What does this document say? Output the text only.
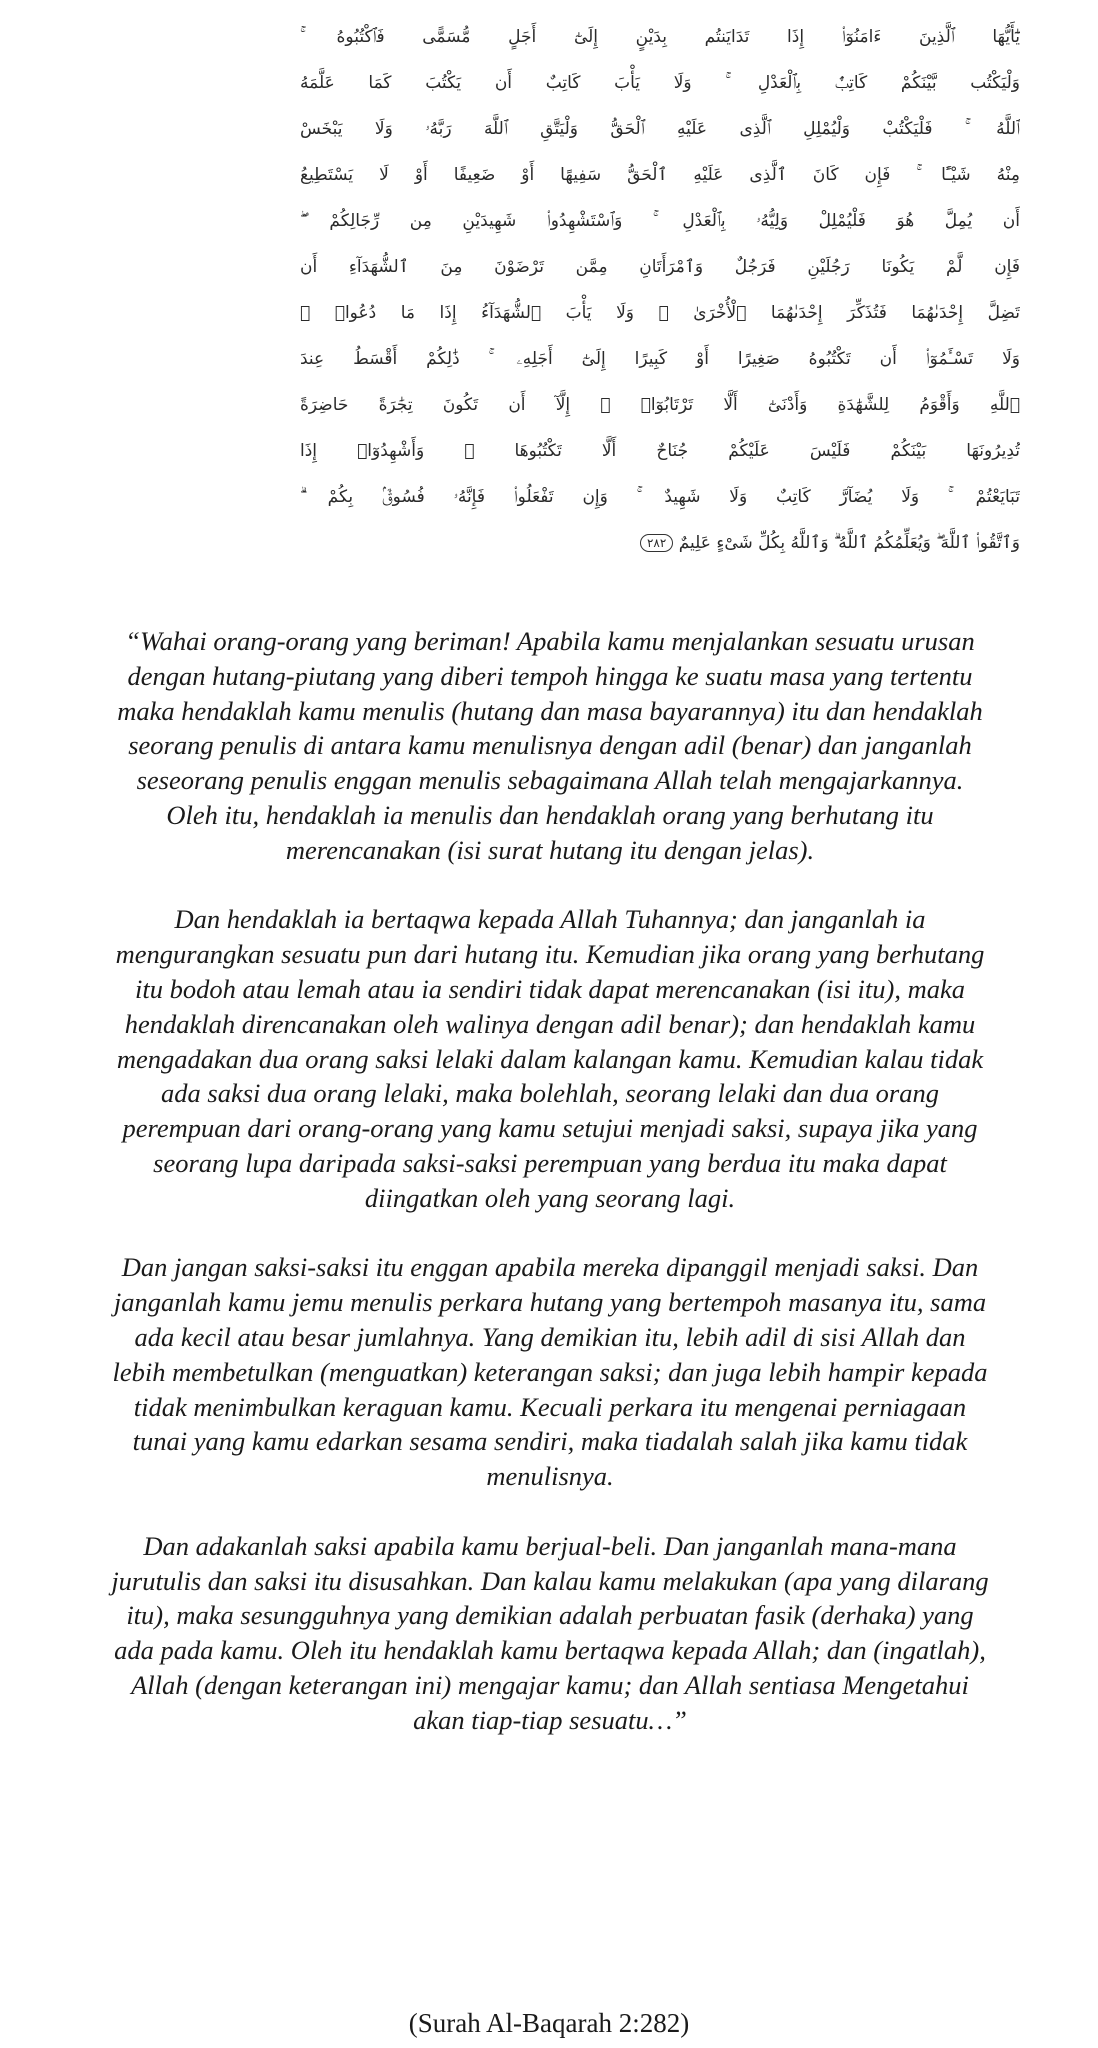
يَٰٓأَيُّهَا ٱلَّذِينَ ءَامَنُوٓا۟ إِذَا تَدَايَنتُم بِدَيْنٍ إِلَىٰٓ أَجَلٍ مُّسَمًّى فَٱكْتُبُوهُ ۚ
وَلْيَكْتُب بَّيْنَكُمْ كَاتِبٌۢ بِٱلْعَدْلِ ۚ وَلَا يَأْبَ كَاتِبٌ أَن يَكْتُبَ كَمَا عَلَّمَهُ
ٱللَّهُ ۚ فَلْيَكْتُبْ وَلْيُمْلِلِ ٱلَّذِى عَلَيْهِ ٱلْحَقُّ وَلْيَتَّقِ ٱللَّهَ رَبَّهُۥ وَلَا يَبْخَسْ
مِنْهُ شَيْـًٔا ۚ فَإِن كَانَ ٱلَّذِى عَلَيْهِ ٱلْحَقُّ سَفِيهًا أَوْ ضَعِيفًا أَوْ لَا يَسْتَطِيعُ
أَن يُمِلَّ هُوَ فَلْيُمْلِلْ وَلِيُّهُۥ بِٱلْعَدْلِ ۚ وَٱسْتَشْهِدُوا۟ شَهِيدَيْنِ مِن رِّجَالِكُمْ ۖ
فَإِن لَّمْ يَكُونَا رَجُلَيْنِ فَرَجُلٌ وَٱمْرَأَتَانِ مِمَّن تَرْضَوْنَ مِنَ ٱلشُّهَدَآءِ أَن
تَضِلَّ إِحْدَىٰهُمَا فَتُذَكِّرَ إِحْدَىٰهُمَا ٱلْأُخْرَىٰ ۚ وَلَا يَأْبَ ٱلشُّهَدَآءُ إِذَا مَا دُعُوا۟ ۚ
وَلَا تَسْـَٔمُوٓا۟ أَن تَكْتُبُوهُ صَغِيرًا أَوْ كَبِيرًا إِلَىٰٓ أَجَلِهِۦ ۚ ذَٰلِكُمْ أَقْسَطُ عِندَ
ٱللَّهِ وَأَقْوَمُ لِلشَّهَٰدَةِ وَأَدْنَىٰٓ أَلَّا تَرْتَابُوٓا۟ ۖ إِلَّآ أَن تَكُونَ تِجَٰرَةً حَاضِرَةً
تُدِيرُونَهَا بَيْنَكُمْ فَلَيْسَ عَلَيْكُمْ جُنَاحٌ أَلَّا تَكْتُبُوهَا ۗ وَأَشْهِدُوٓا۟ إِذَا
تَبَايَعْتُمْ ۚ وَلَا يُضَآرَّ كَاتِبٌ وَلَا شَهِيدٌ ۚ وَإِن تَفْعَلُوا۟ فَإِنَّهُۥ فُسُوقٌۢ بِكُمْ ۗ
وَٱتَّقُوا۟ ٱللَّهَ ۖ وَيُعَلِّمُكُمُ ٱللَّهُ ۗ وَٱللَّهُ بِكُلِّ شَىْءٍ عَلِيمٌ ٢٨٢

“Wahai orang-orang yang beriman! Apabila kamu menjalankan sesuatu urusan dengan hutang-piutang yang diberi tempoh hingga ke suatu masa yang tertentu maka hendaklah kamu menulis (hutang dan masa bayarannya) itu dan hendaklah seorang penulis di antara kamu menulisnya dengan adil (benar) dan janganlah seseorang penulis enggan menulis sebagaimana Allah telah mengajarkannya. Oleh itu, hendaklah ia menulis dan hendaklah orang yang berhutang itu merencanakan (isi surat hutang itu dengan jelas).

Dan hendaklah ia bertaqwa kepada Allah Tuhannya; dan janganlah ia mengurangkan sesuatu pun dari hutang itu. Kemudian jika orang yang berhutang itu bodoh atau lemah atau ia sendiri tidak dapat merencanakan (isi itu), maka hendaklah direncanakan oleh walinya dengan adil benar); dan hendaklah kamu mengadakan dua orang saksi lelaki dalam kalangan kamu. Kemudian kalau tidak ada saksi dua orang lelaki, maka bolehlah, seorang lelaki dan dua orang perempuan dari orang-orang yang kamu setujui menjadi saksi, supaya jika yang seorang lupa daripada saksi-saksi perempuan yang berdua itu maka dapat diingatkan oleh yang seorang lagi.

Dan jangan saksi-saksi itu enggan apabila mereka dipanggil menjadi saksi. Dan janganlah kamu jemu menulis perkara hutang yang bertempoh masanya itu, sama ada kecil atau besar jumlahnya. Yang demikian itu, lebih adil di sisi Allah dan lebih membetulkan (menguatkan) keterangan saksi; dan juga lebih hampir kepada tidak menimbulkan keraguan kamu. Kecuali perkara itu mengenai perniagaan tunai yang kamu edarkan sesama sendiri, maka tiadalah salah jika kamu tidak menulisnya.

Dan adakanlah saksi apabila kamu berjual-beli. Dan janganlah mana-mana jurutulis dan saksi itu disusahkan. Dan kalau kamu melakukan (apa yang dilarang itu), maka sesungguhnya yang demikian adalah perbuatan fasik (derhaka) yang ada pada kamu. Oleh itu hendaklah kamu bertaqwa kepada Allah; dan (ingatlah), Allah (dengan keterangan ini) mengajar kamu; dan Allah sentiasa Mengetahui akan tiap-tiap sesuatu…”

(Surah Al-Baqarah 2:282)
